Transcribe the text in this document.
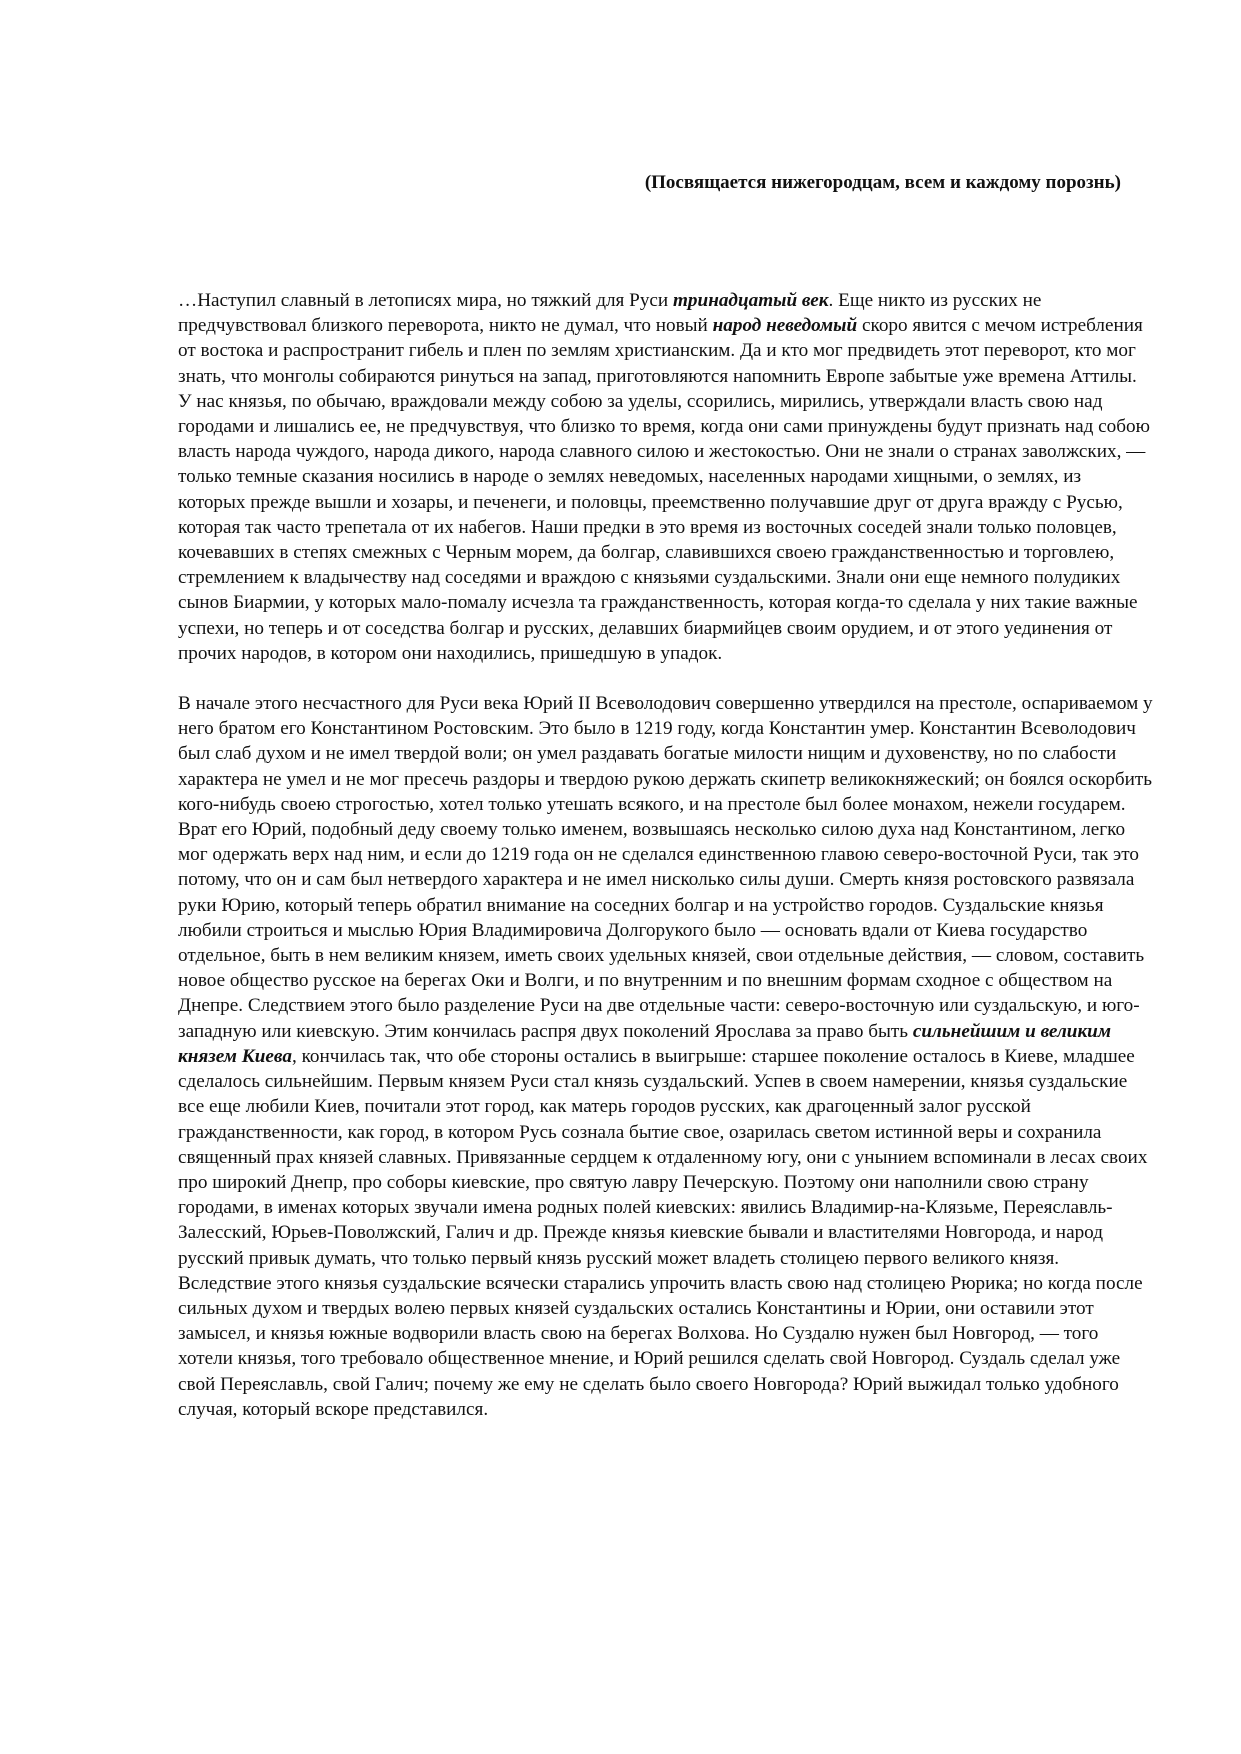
(Посвящается нижегородцам, всем и каждому порознь)

…Наступил славный в летописях мира, но тяжкий для Руси тринадцатый век. Еще никто из русских не предчувствовал близкого переворота, никто не думал, что новый народ неведомый скоро явится с мечом истребления от востока и распространит гибель и плен по землям христианским. Да и кто мог предвидеть этот переворот, кто мог знать, что монголы собираются ринуться на запад, приготовляются напомнить Европе забытые уже времена Аттилы. У нас князья, по обычаю, враждовали между собою за уделы, ссорились, мирились, утверждали власть свою над городами и лишались ее, не предчувствуя, что близко то время, когда они сами принуждены будут признать над собою власть народа чуждого, народа дикого, народа славного силою и жестокостью. Они не знали о странах заволжских, — только темные сказания носились в народе о землях неведомых, населенных народами хищными, о землях, из которых прежде вышли и хозары, и печенеги, и половцы, преемственно получавшие друг от друга вражду с Русью, которая так часто трепетала от их набегов. Наши предки в это время из восточных соседей знали только половцев, кочевавших в степях смежных с Черным морем, да болгар, славившихся своею гражданственностью и торговлею, стремлением к владычеству над соседями и враждою с князьями суздальскими. Знали они еще немного полудиких сынов Биармии, у которых мало-помалу исчезла та гражданственность, которая когда-то сделала у них такие важные успехи, но теперь и от соседства болгар и русских, делавших биармийцев своим орудием, и от этого уединения от прочих народов, в котором они находились, пришедшую в упадок.

В начале этого несчастного для Руси века Юрий II Всеволодович совершенно утвердился на престоле, оспариваемом у него братом его Константином Ростовским. Это было в 1219 году, когда Константин умер. Константин Всеволодович был слаб духом и не имел твердой воли; он умел раздавать богатые милости нищим и духовенству, но по слабости характера не умел и не мог пресечь раздоры и твердою рукою держать скипетр великокняжеский; он боялся оскорбить кого-нибудь своею строгостью, хотел только утешать всякого, и на престоле был более монахом, нежели государем. Врат его Юрий, подобный деду своему только именем, возвышаясь несколько силою духа над Константином, легко мог одержать верх над ним, и если до 1219 года он не сделался единственною главою северо-восточной Руси, так это потому, что он и сам был нетвердого характера и не имел нисколько силы души. Смерть князя ростовского развязала руки Юрию, который теперь обратил внимание на соседних болгар и на устройство городов. Суздальские князья любили строиться и мыслью Юрия Владимировича Долгорукого было — основать вдали от Киева государство отдельное, быть в нем великим князем, иметь своих удельных князей, свои отдельные действия, — словом, составить новое общество русское на берегах Оки и Волги, и по внутренним и по внешним формам сходное с обществом на Днепре. Следствием этого было разделение Руси на две отдельные части: северо-восточную или суздальскую, и юго-западную или киевскую. Этим кончилась распря двух поколений Ярослава за право быть сильнейшим и великим князем Киева, кончилась так, что обе стороны остались в выигрыше: старшее поколение осталось в Киеве, младшее сделалось сильнейшим. Первым князем Руси стал князь суздальский. Успев в своем намерении, князья суздальские все еще любили Киев, почитали этот город, как матерь городов русских, как драгоценный залог русской гражданственности, как город, в котором Русь сознала бытие свое, озарилась светом истинной веры и сохранила священный прах князей славных. Привязанные сердцем к отдаленному югу, они с унынием вспоминали в лесах своих про широкий Днепр, про соборы киевские, про святую лавру Печерскую. Поэтому они наполнили свою страну городами, в именах которых звучали имена родных полей киевских: явились Владимир-на-Клязьме, Переяславль-Залесский, Юрьев-Поволжский, Галич и др. Прежде князья киевские бывали и властителями Новгорода, и народ русский привык думать, что только первый князь русский может владеть столицею первого великого князя. Вследствие этого князья суздальские всячески старались упрочить власть свою над столицею Рюрика; но когда после сильных духом и твердых волею первых князей суздальских остались Константины и Юрии, они оставили этот замысел, и князья южные водворили власть свою на берегах Волхова. Но Суздалю нужен был Новгород, — того хотели князья, того требовало общественное мнение, и Юрий решился сделать свой Новгород. Суздаль сделал уже свой Переяславль, свой Галич; почему же ему не сделать было своего Новгорода? Юрий выжидал только удобного случая, который вскоре представился.
